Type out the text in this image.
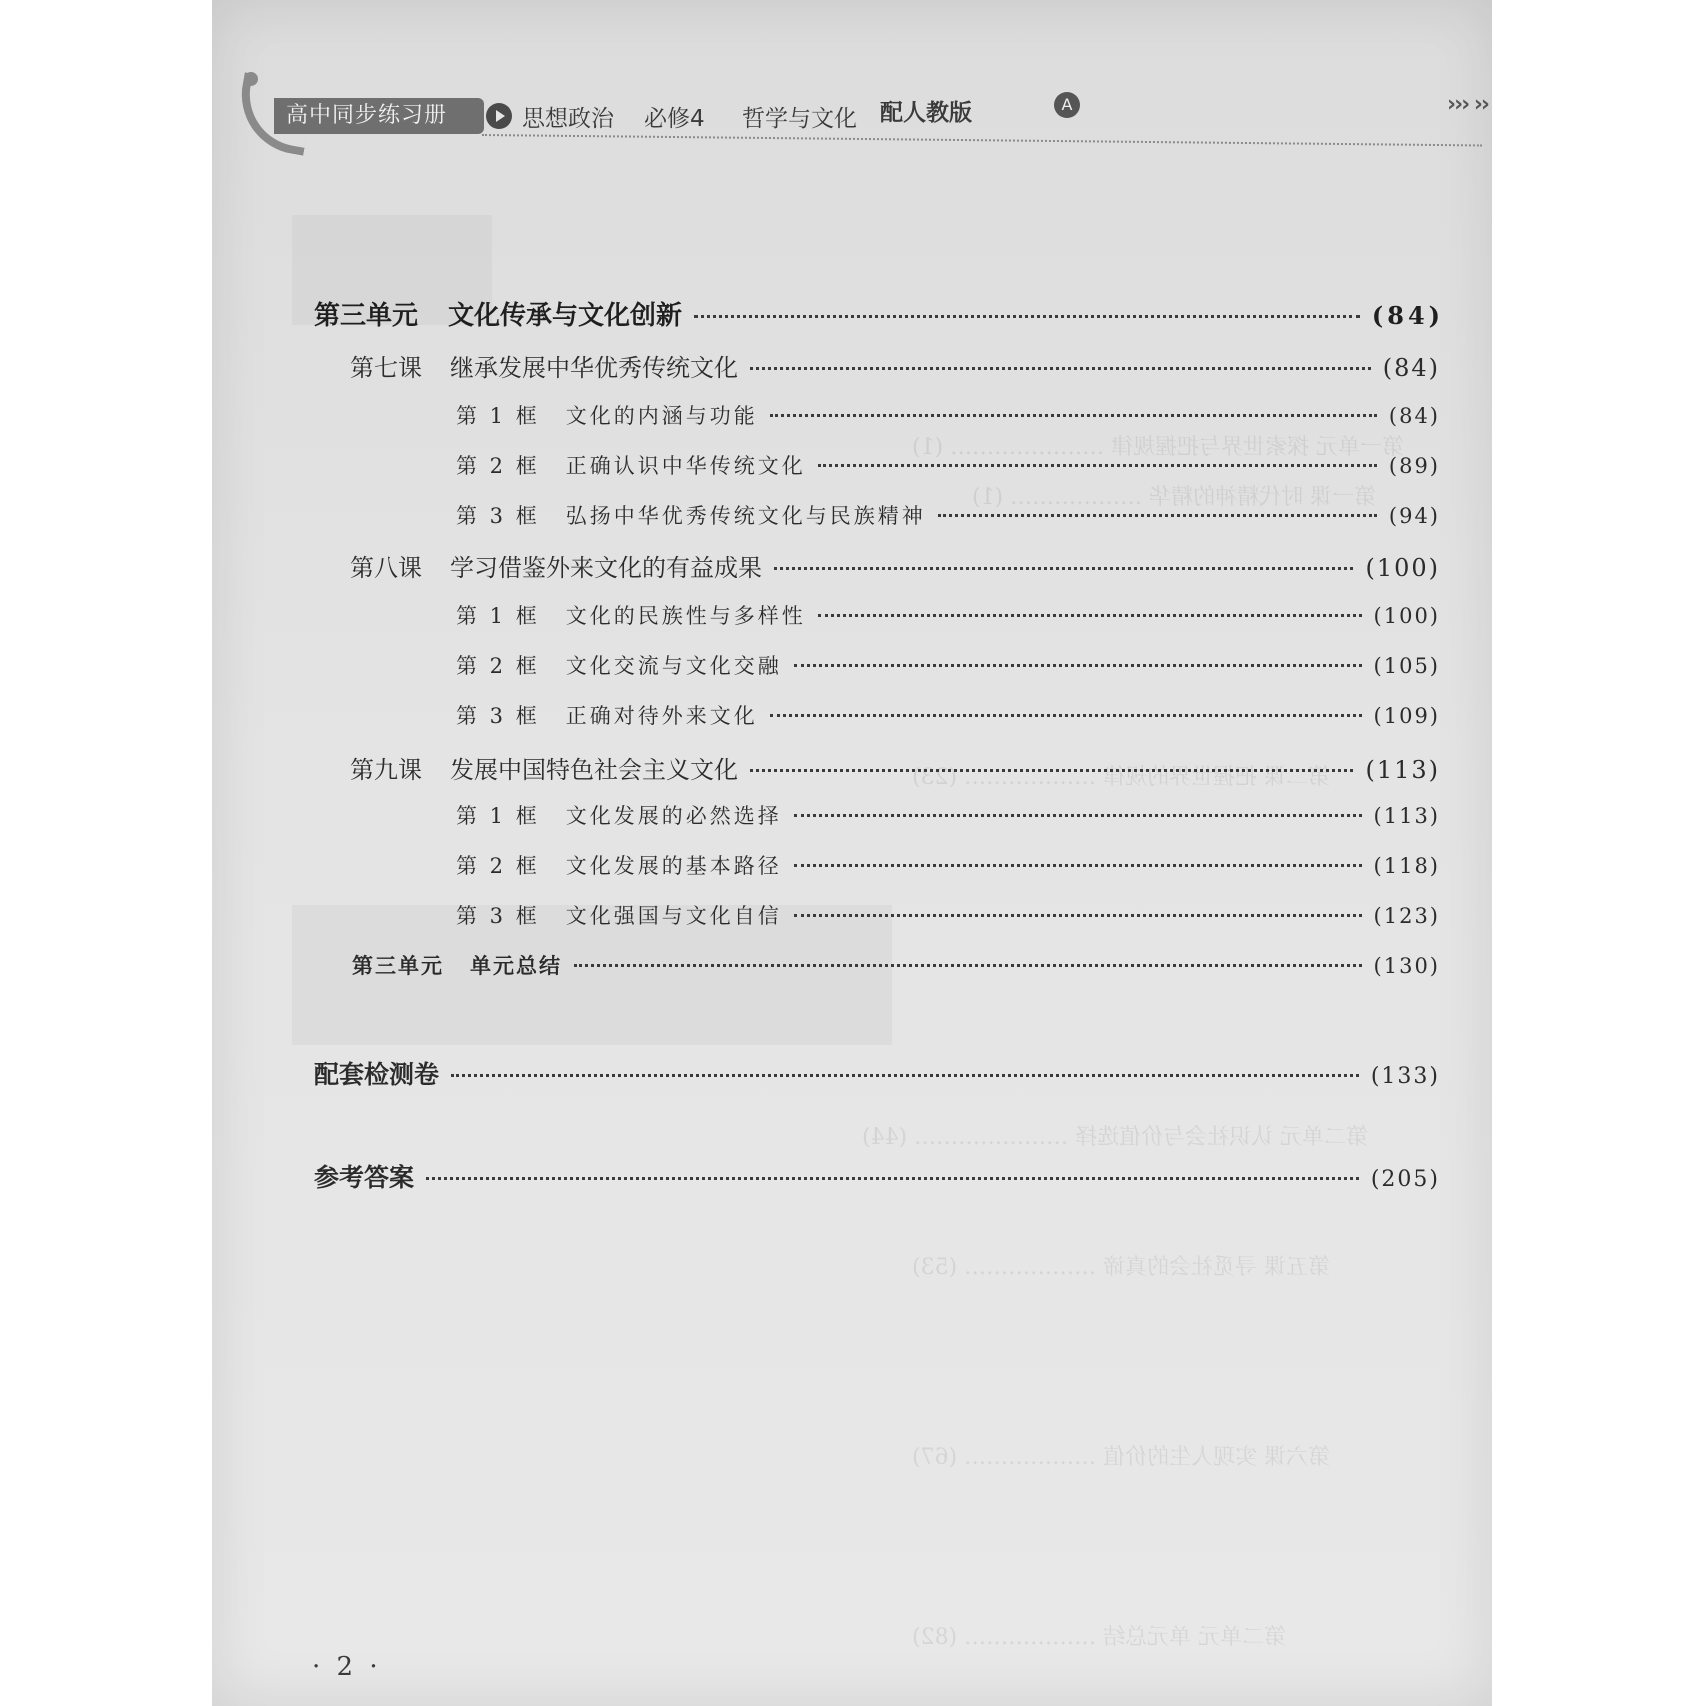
第一单元 探索世界与把握规律 ………………… (1)
第一课 时代精神的精华 ……………… (1)
第二课 把握世界的规律 ……………… (23)
第二单元 认识社会与价值选择 ………………… (44)
第五课 寻觅社会的真谛 ……………… (53)
第六课 实现人生的价值 ……………… (67)
第二单元 单元总结 ……………… (82)
高中同步练习册	思想政治 必修4 哲学与文化 配人教版	A	››› ››
第三单元 文化传承与文化创新	(84)
第七课 继承发展中华优秀传统文化	(84)
第 1 框 文化的内涵与功能	(84)
第 2 框 正确认识中华传统文化	(89)
第 3 框 弘扬中华优秀传统文化与民族精神	(94)
第八课 学习借鉴外来文化的有益成果	(100)
第 1 框 文化的民族性与多样性	(100)
第 2 框 文化交流与文化交融	(105)
第 3 框 正确对待外来文化	(109)
第九课 发展中国特色社会主义文化	(113)
第 1 框 文化发展的必然选择	(113)
第 2 框 文化发展的基本路径	(118)
第 3 框 文化强国与文化自信	(123)
第三单元 单元总结	(130)
配套检测卷	(133)
参考答案	(205)
· 2 ·
